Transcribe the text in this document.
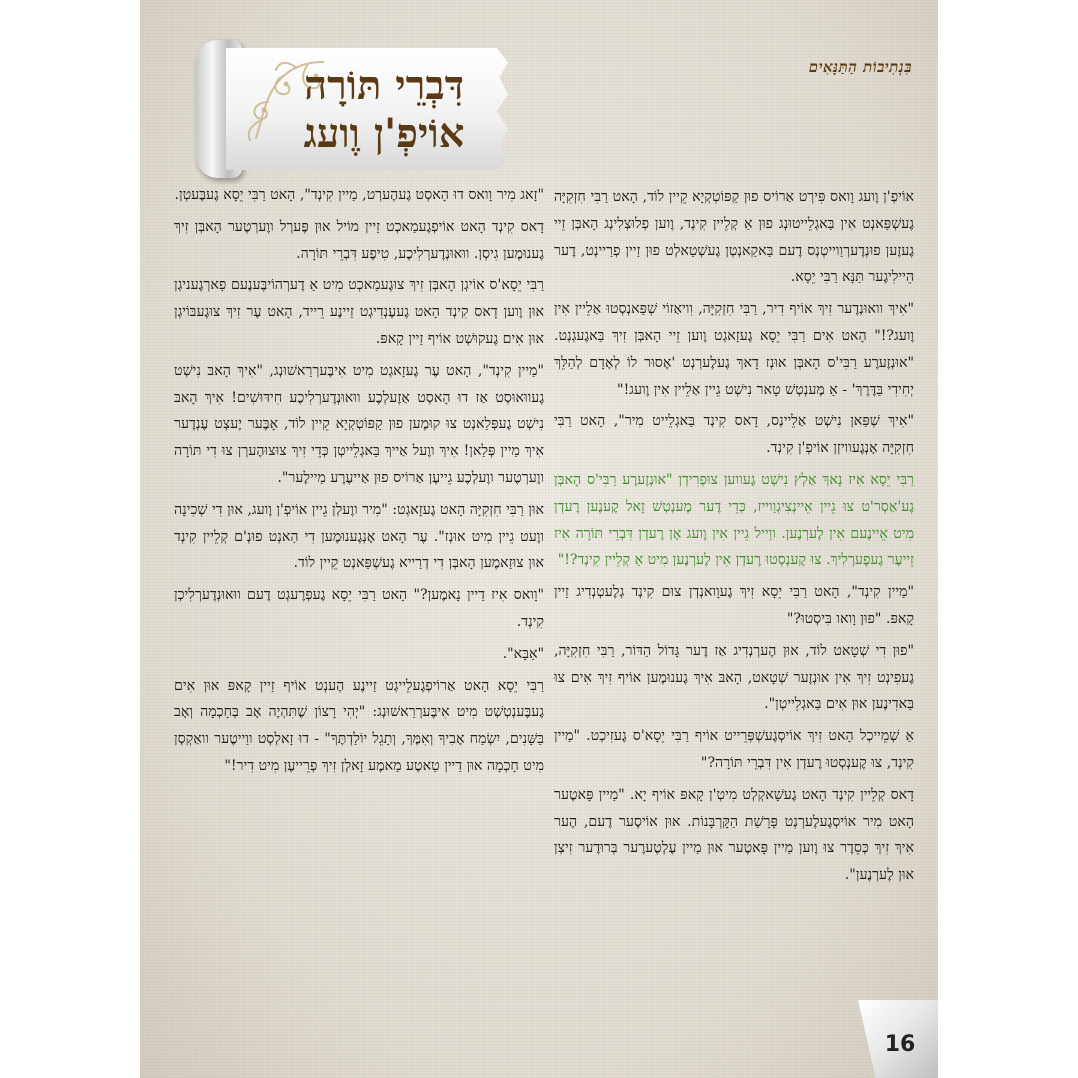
דִּבְרֵי תּוֹרָה
אוֹיפְ'ן וֶועג
בִּנְתִיבוֹת הַתַּנָּאִים

אוֹיפְ'ן וֶועג וָואס פִּירְט אַרוֹיס פוּן קַפּוֹטְקְיָא קֵיין לוֹד, הָאט רַבִּי חִזְקִיָּה גֶעשְׁפַּאנְט אִין בַּאגְלֵייטוּנְג פוּן אַ קְלֵיין קִינְד, וֶוען פְלוּצְלִינְג הָאבְּן זֵיי גֶעזֶען פוּנְדֶערְוַוייטְנְס דֶעם בַּאקַאנְטְן גֶעשְׁטַאלְט פוּן זַיין פְרַיינְט, דֶער הֵיילִיגֶער תַּנָּא רַבִּי יֵסָא.

"אִיךְ וואוּנְדֶער זִיךְ אוֹיף דִיר, רַבִּי חִזְקִיָּה, וִויאַזוֹי שְׁפַּאנְסְטוּ אַלֵיין אִין וֶועג?!" הָאט אִים רַבִּי יֵסָא גֶעזָאגְט וֶוען זֵיי הָאבְּן זִיךְ בַּאגֶעגְנְט. "אוּנְזֶערֶע רַבִּי'ס הָאבְּן אוּנְז דָאךְ גֶעלֶערְנְט 'אָסוּר לוֹ לְאָדָם לְהַלֵּךְ יְחִידִי בַּדֶּרֶךְ' - אַ מֶענְטְשׁ טָאר נִישְׁט גֵיין אַלֵיין אִין וֶועג!"

"אִיךְ שְׁפַּאן נִישְׁט אַלֵיינְס, דָאס קִינְד בַּאגְלֵייט מִיר", הָאט רַבִּי חִזְקִיָּה אָנְגֶעוויזְן אוֹיפְ'ן קִינְד.

רַבִּי יֵסָא אִיז נָאךְ אַלְץ נִישְׁט גֶעווען צוּפְרִידְן "אוּנְזֶערֶע רַבִּי'ס הָאבְּן גֶע'אַסְר'ט צוּ גֵיין אֵיינְצִיגְוַוייז, כְּדֵי דֶער מֶענְטְשׁ זָאל קֶענֶען רֶעדְן מִיט אֵיינֶעם אִין לֶערְנֶען. ווַייל גֵיין אִין וֶועג אָן רֶעדְן דִּבְרֵי תּוֹרָה אִיז זֵייעֶר גֶעפֶערְלִיךְ. צוּ קֶענְסְטוּ רֶעדְן אִין לֶערְנֶען מִיט אַ קְלֵיין קִינְד?!"

"מַיין קִינְד", הָאט רַבִּי יֵסָא זִיךְ גֶעוָואנְדְן צוּם קִינְד גְלֶעטְנְדִיג זַיין קָאפּ. "פוּן וָואו בִּיסְטוּ?"

"פוּן דִי שְׁטָאט לוֹד, אוּן הֶערְנְדִיג אַז דֶער גָּדוֹל הַדּוֹר, רַבִּי חִזְקִיָּה, גֶעפִינְט זִיךְ אִין אוּנְזֶער שְׁטָאט, הָאבּ אִיךְ גֶענוּמֶען אוֹיף זִיךְ אִים צוּ בַּאדִינֶען אוּן אִים בַּאגְלֵייטְן".

אַ שְׁמֵייכְל הָאט זִיךְ אוֹיסְגֶעשְׁפְּרֵייט אוֹיף רַבִּי יֵסָא'ס גֶעזִיכְט. "מַיין קִינְד, צוּ קֶענְסְטוּ רֶעדְן אִין דִּבְרֵי תּוֹרָה?"

דָאס קְלֵיין קִינְד הָאט גֶעשָׁאקְלְט מִיטְ'ן קָאפּ אוֹיף יָא. "מַיין פָּאטֶער הָאט מִיר אוֹיסְגֶעלֶערְנְט פָּרָשַׁת הַקָּרְבָּנוֹת. אוּן אוֹיסֶער דֶעם, הֶער אִיךְ זִיךְ כְּסֵדֶר צוּ וֶוען מַיין פָּאטֶער אוּן מַיין עֶלְטֶערֶער בְּרוּדֶער זִיצְן אוּן לֶערְנֶען".

"זָאג מִיר וָואס דוּ הָאסְט גֶעהֶערְט, מַיין קִינְד", הָאט רַבִּי יֵסָא גֶעבֶּעטְן.

דָאס קִינְד הָאט אוֹיפְגֶעמַאכְט זַיין מוֹיל אוּן פֶּערְל ווֶערְטֶער הָאבְּן זִיךְ גֶענוּמֶען גִיסְן. ווּאוּנְדֶערְלִיכֶע, טִיפֶע דִּבְרֵי תּוֹרָה.

רַבִּי יֵסָא'ס אוֹיגְן הָאבְּן זִיךְ צוּגֶעמַאכְט מִיט אַ דֶערְהוֹיבֶּענֶעם פַארְגֶעניגְן אוּן וֶוען דָאס קִינְד הָאט גֶעעֶנְדִיגְט זַיינֶע רֵייד, הָאט עֶר זִיךְ צוּגֶעבּוֹיגְן אוּן אִים גֶעקוּשְׁט אוֹיף זַיין קָאפּ.

"מַיין קִינְד", הָאט עֶר גֶעזָאגְט מִיט אִיבֶּערְרַאשׁוּנְג, "אִיךְ הָאבּ נִישְׁט גֶעווּאוּסְט אַז דוּ הָאסְט אַזֶעלְכֶע ווּאוּנְדֶערְלִיכֶע חִידּוּשִׁים! אִיךְ הָאבּ נִישְׁט גֶעפְּלַאנְט צוּ קוּמֶען פוּן קַפּוֹטְקְיָא קֵיין לוֹד, אָבֶּער יֶעצְט עֶנְדֶער אִיךְ מַיין פְּלַאן! אִיךְ ווֶעל אַייךְ בַּאגְלֵייטְן כְּדֵי זִיךְ צוּצוּהֶערְן צוּ דִי תּוֹרָה ווֶערְטֶער ווֶעלְכֶע גֵייעֶן אַרוֹיס פוּן אַייעֶרֶע מַיילֶער".

אוּן רַבִּי חִזְקִיָּה הָאט גֶעזָאגְט: "מִיר ווֶעלְן גֵיין אוֹיפְ'ן וֶועג, אוּן דִי שְׁכִינָה ווֶעט גֵיין מִיט אוּנְז". עֶר הָאט אָנְגֶענוּמֶען דִי הַאנְט פוּנְ'ם קְלֵיין קִינְד אוּן צוּזַאמֶען הָאבְּן דִי דְרַייא גֶעשְׁפַּאנְט קֵיין לוֹד.

"וָואס אִיז דַיין נָאמֶען?" הָאט רַבִּי יֵסָא גֶעפְרֶעגְט דֶעם ווּאוּנְדֶערְלִיכְן קִינְד.

"אַבָּא".

רַבִּי יֵסָא הָאט אַרוֹיפְגֶעלֵייגְט זַיינֶע הֶענְט אוֹיף זַיין קָאפּ אוּן אִים גֶעבֶּענְטְשְׁט מִיט אִיבֶּערְרַאשׁוּנְג: "יְהִי רָצוֹן שֶׁתִּהְיֶה אָב בְּחָכְמָה וְאָב בַּשָּׁנִים, יִשְׂמַח אָבִיךָ וְאִמֶּךָ, וְתָגֵל יוֹלַדְתֶּךָ" - דוּ זָאלְסְט ווַייטֶער וואַקְסְן מִיט חָכְמָה אוּן דַיין טַאטֶע מַאמֶע זָאלְן זִיךְ פְרֵייעֶן מִיט דִיר!"

16
